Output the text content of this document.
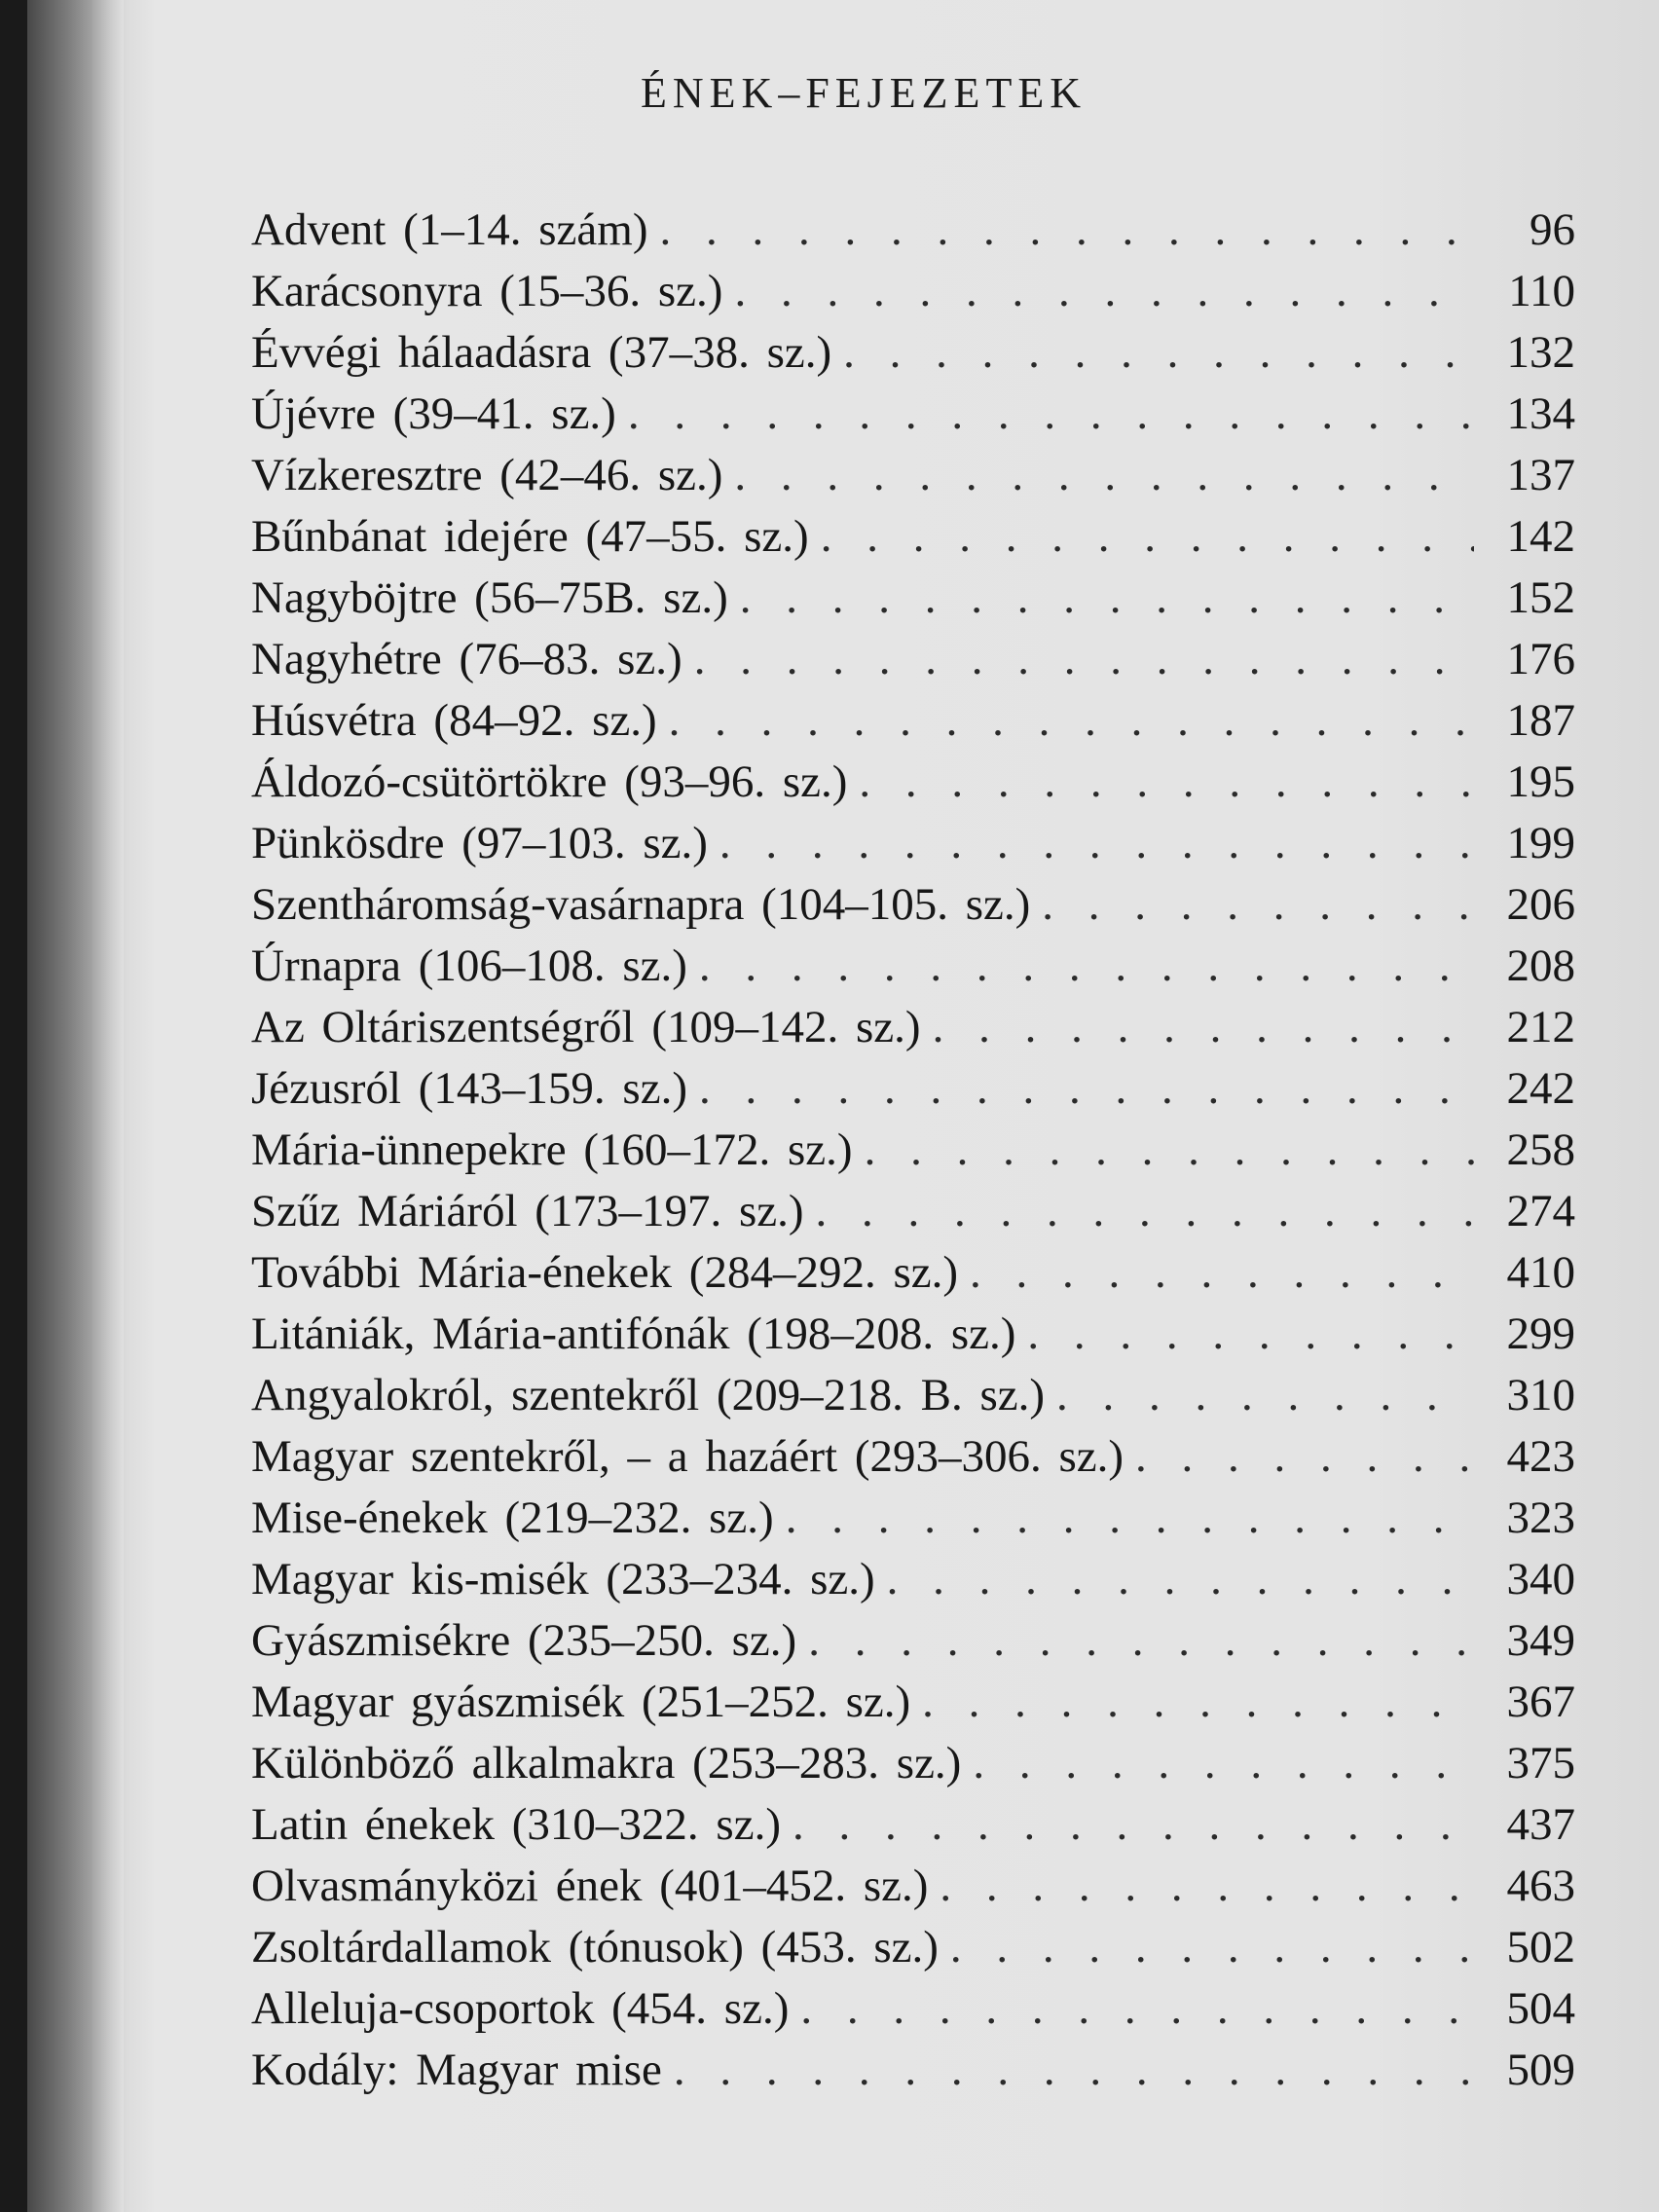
ÉNEK–FEJEZETEK
Advent (1–14. szám) . . .	96
Karácsonyra (15–36. sz.) . . .	110
Évvégi hálaadásra (37–38. sz.) . . .	132
Újévre (39–41. sz.) . . .	134
Vízkeresztre (42–46. sz.) . . .	137
Bűnbánat idejére (47–55. sz.) . . .	142
Nagyböjtre (56–75B. sz.) . . .	152
Nagyhétre (76–83. sz.) . . .	176
Húsvétra (84–92. sz.) . . .	187
Áldozó-csütörtökre (93–96. sz.) . . .	195
Pünkösdre (97–103. sz.) . . .	199
Szentháromság-vasárnapra (104–105. sz.) . . .	206
Úrnapra (106–108. sz.) . . .	208
Az Oltáriszentségről (109–142. sz.) . . .	212
Jézusról (143–159. sz.) . . .	242
Mária-ünnepekre (160–172. sz.) . . .	258
Szűz Máriáról (173–197. sz.) . . .	274
További Mária-énekek (284–292. sz.) . . .	410
Litániák, Mária-antifónák (198–208. sz.) . . .	299
Angyalokról, szentekről (209–218. B. sz.) . . .	310
Magyar szentekről, – a hazáért (293–306. sz.) . . .	423
Mise-énekek (219–232. sz.) . . .	323
Magyar kis-misék (233–234. sz.) . . .	340
Gyászmisékre (235–250. sz.) . . .	349
Magyar gyászmisék (251–252. sz.) . . .	367
Különböző alkalmakra (253–283. sz.) . . .	375
Latin énekek (310–322. sz.) . . .	437
Olvasmányközi ének (401–452. sz.) . . .	463
Zsoltárdallamok (tónusok) (453. sz.) . . .	502
Alleluja-csoportok (454. sz.) . . .	504
Kodály: Magyar mise . . .	509
